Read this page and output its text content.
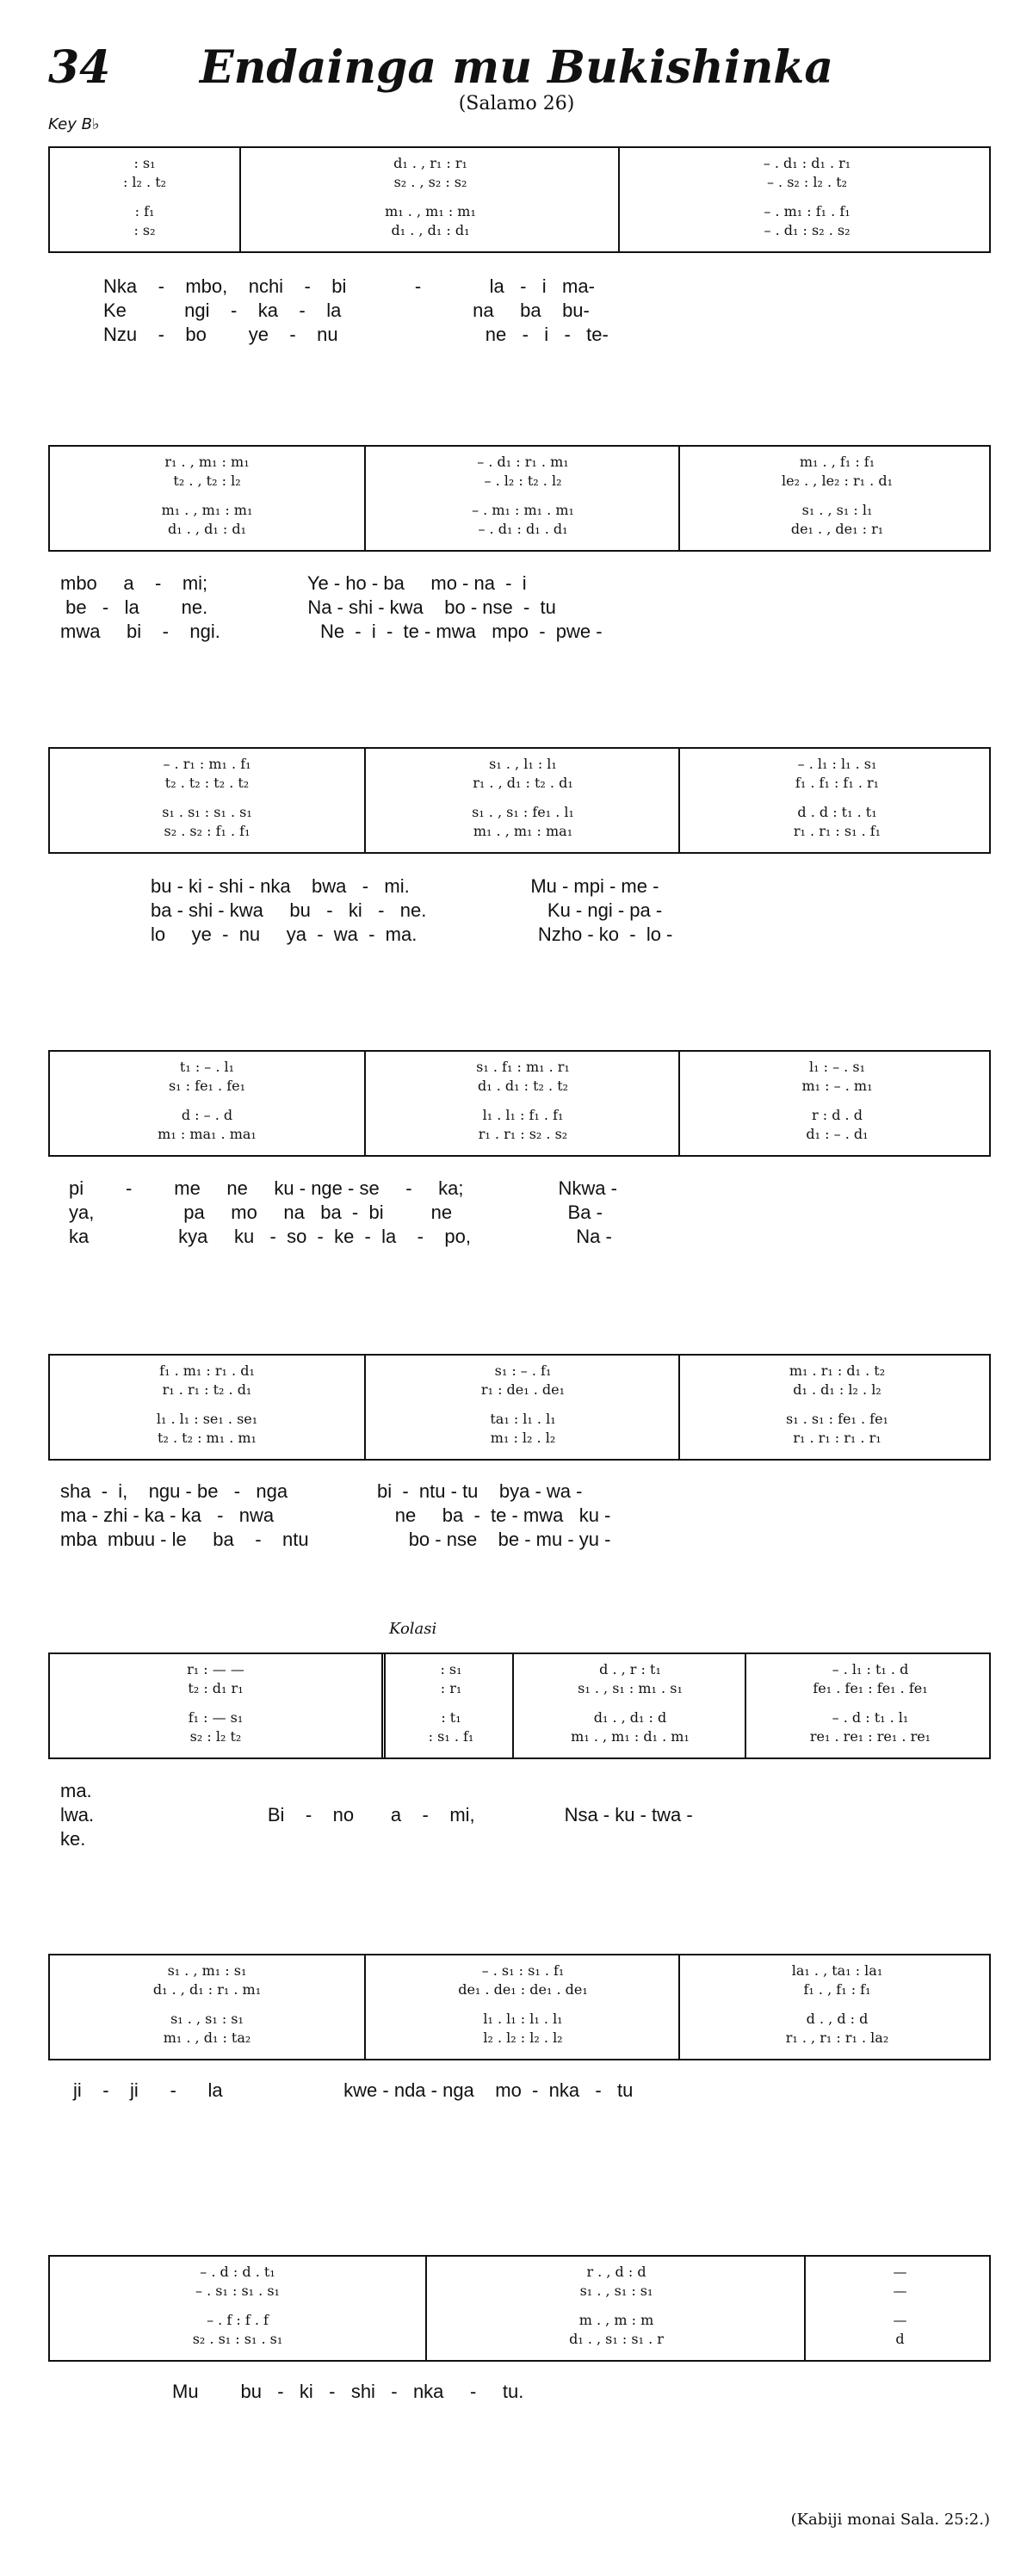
34	Endainga mu Bukishinka
(Salamo 26)
Key B♭
Kolasi
: s₁
: l₂ . t₂
: f₁
: s₂
d₁ . , r₁ : r₁
s₂ . , s₂ : s₂
m₁ . , m₁ : m₁
d₁ . , d₁ : d₁
– . d₁ : d₁ . r₁
– . s₂ : l₂ . t₂
– . m₁ : f₁ . f₁
– . d₁ : s₂ . s₂
Nka    -    mbo,    nchi    -    bi             -             la   -   i   ma-
Ke           ngi    -    ka    -    la                         na     ba    bu-
Nzu    -    bo        ye    -    nu                            ne   -   i   -   te-
r₁ . , m₁ : m₁
t₂ . , t₂ : l₂
m₁ . , m₁ : m₁
d₁ . , d₁ : d₁
– . d₁ : r₁ . m₁
– . l₂ : t₂ . l₂
– . m₁ : m₁ . m₁
– . d₁ : d₁ . d₁
m₁ . , f₁ : f₁
le₂ . , le₂ : r₁ . d₁
s₁ . , s₁ : l₁
de₁ . , de₁ : r₁
mbo     a    -    mi;                   Ye - ho - ba     mo - na  -  i
be   -   la        ne.                   Na - shi - kwa    bo - nse  -  tu
mwa     bi    -    ngi.                   Ne  -  i  -  te - mwa   mpo  -  pwe -
– . r₁ : m₁ . f₁
t₂ . t₂ : t₂ . t₂
s₁ . s₁ : s₁ . s₁
s₂ . s₂ : f₁ . f₁
s₁ . , l₁ : l₁
r₁ . , d₁ : t₂ . d₁
s₁ . , s₁ : fe₁ . l₁
m₁ . , m₁ : ma₁
– . l₁ : l₁ . s₁
f₁ . f₁ : f₁ . r₁
d . d : t₁ . t₁
r₁ . r₁ : s₁ . f₁
bu - ki - shi - nka    bwa   -   mi.                       Mu - mpi - me -
ba - shi - kwa     bu   -   ki   -   ne.                       Ku - ngi - pa -
lo     ye  -  nu     ya  -  wa  -  ma.                       Nzho - ko  -  lo -
t₁ : – . l₁
s₁ : fe₁ . fe₁
d : – . d
m₁ : ma₁ . ma₁
s₁ . f₁ : m₁ . r₁
d₁ . d₁ : t₂ . t₂
l₁ . l₁ : f₁ . f₁
r₁ . r₁ : s₂ . s₂
l₁ : – . s₁
m₁ : – . m₁
r : d . d
d₁ : – . d₁
pi        -        me     ne     ku - nge - se     -     ka;                  Nkwa -
ya,                 pa     mo     na   ba  -  bi         ne                      Ba -
ka                 kya     ku   -  so  -  ke  -  la    -    po,                    Na -
f₁ . m₁ : r₁ . d₁
r₁ . r₁ : t₂ . d₁
l₁ . l₁ : se₁ . se₁
t₂ . t₂ : m₁ . m₁
s₁ : – . f₁
r₁ : de₁ . de₁
ta₁ : l₁ . l₁
m₁ : l₂ . l₂
m₁ . r₁ : d₁ . t₂
d₁ . d₁ : l₂ . l₂
s₁ . s₁ : fe₁ . fe₁
r₁ . r₁ : r₁ . r₁
sha  -  i,    ngu - be   -   nga                 bi  -  ntu - tu    bya - wa -
ma - zhi - ka - ka   -   nwa                       ne     ba  -  te - mwa   ku -
mba  mbuu - le     ba    -    ntu                   bo - nse    be - mu - yu -
r₁ : — —
t₂ : d₁ r₁
f₁ : — s₁
s₂ : l₂ t₂
: s₁
: r₁
: t₁
: s₁ . f₁
d . , r : t₁
s₁ . , s₁ : m₁ . s₁
d₁ . , d₁ : d
m₁ . , m₁ : d₁ . m₁
– . l₁ : t₁ . d
fe₁ . fe₁ : fe₁ . fe₁
– . d : t₁ . l₁
re₁ . re₁ : re₁ . re₁
ma.
lwa.                                 Bi    -    no       a    -    mi,                 Nsa - ku - twa -
ke.
s₁ . , m₁ : s₁
d₁ . , d₁ : r₁ . m₁
s₁ . , s₁ : s₁
m₁ . , d₁ : ta₂
– . s₁ : s₁ . f₁
de₁ . de₁ : de₁ . de₁
l₁ . l₁ : l₁ . l₁
l₂ . l₂ : l₂ . l₂
la₁ . , ta₁ : la₁
f₁ . , f₁ : f₁
d . , d : d
r₁ . , r₁ : r₁ . la₂
ji    -    ji      -      la                       kwe - nda - nga    mo  -  nka   -   tu
– . d : d . t₁
– . s₁ : s₁ . s₁
– . f : f . f
s₂ . s₁ : s₁ . s₁
r . , d : d
s₁ . , s₁ : s₁
m . , m : m
d₁ . , s₁ : s₁ . r
—
—
—
d
Mu        bu   -   ki   -   shi   -   nka     -     tu.
(Kabiji monai Sala. 25:2.)
